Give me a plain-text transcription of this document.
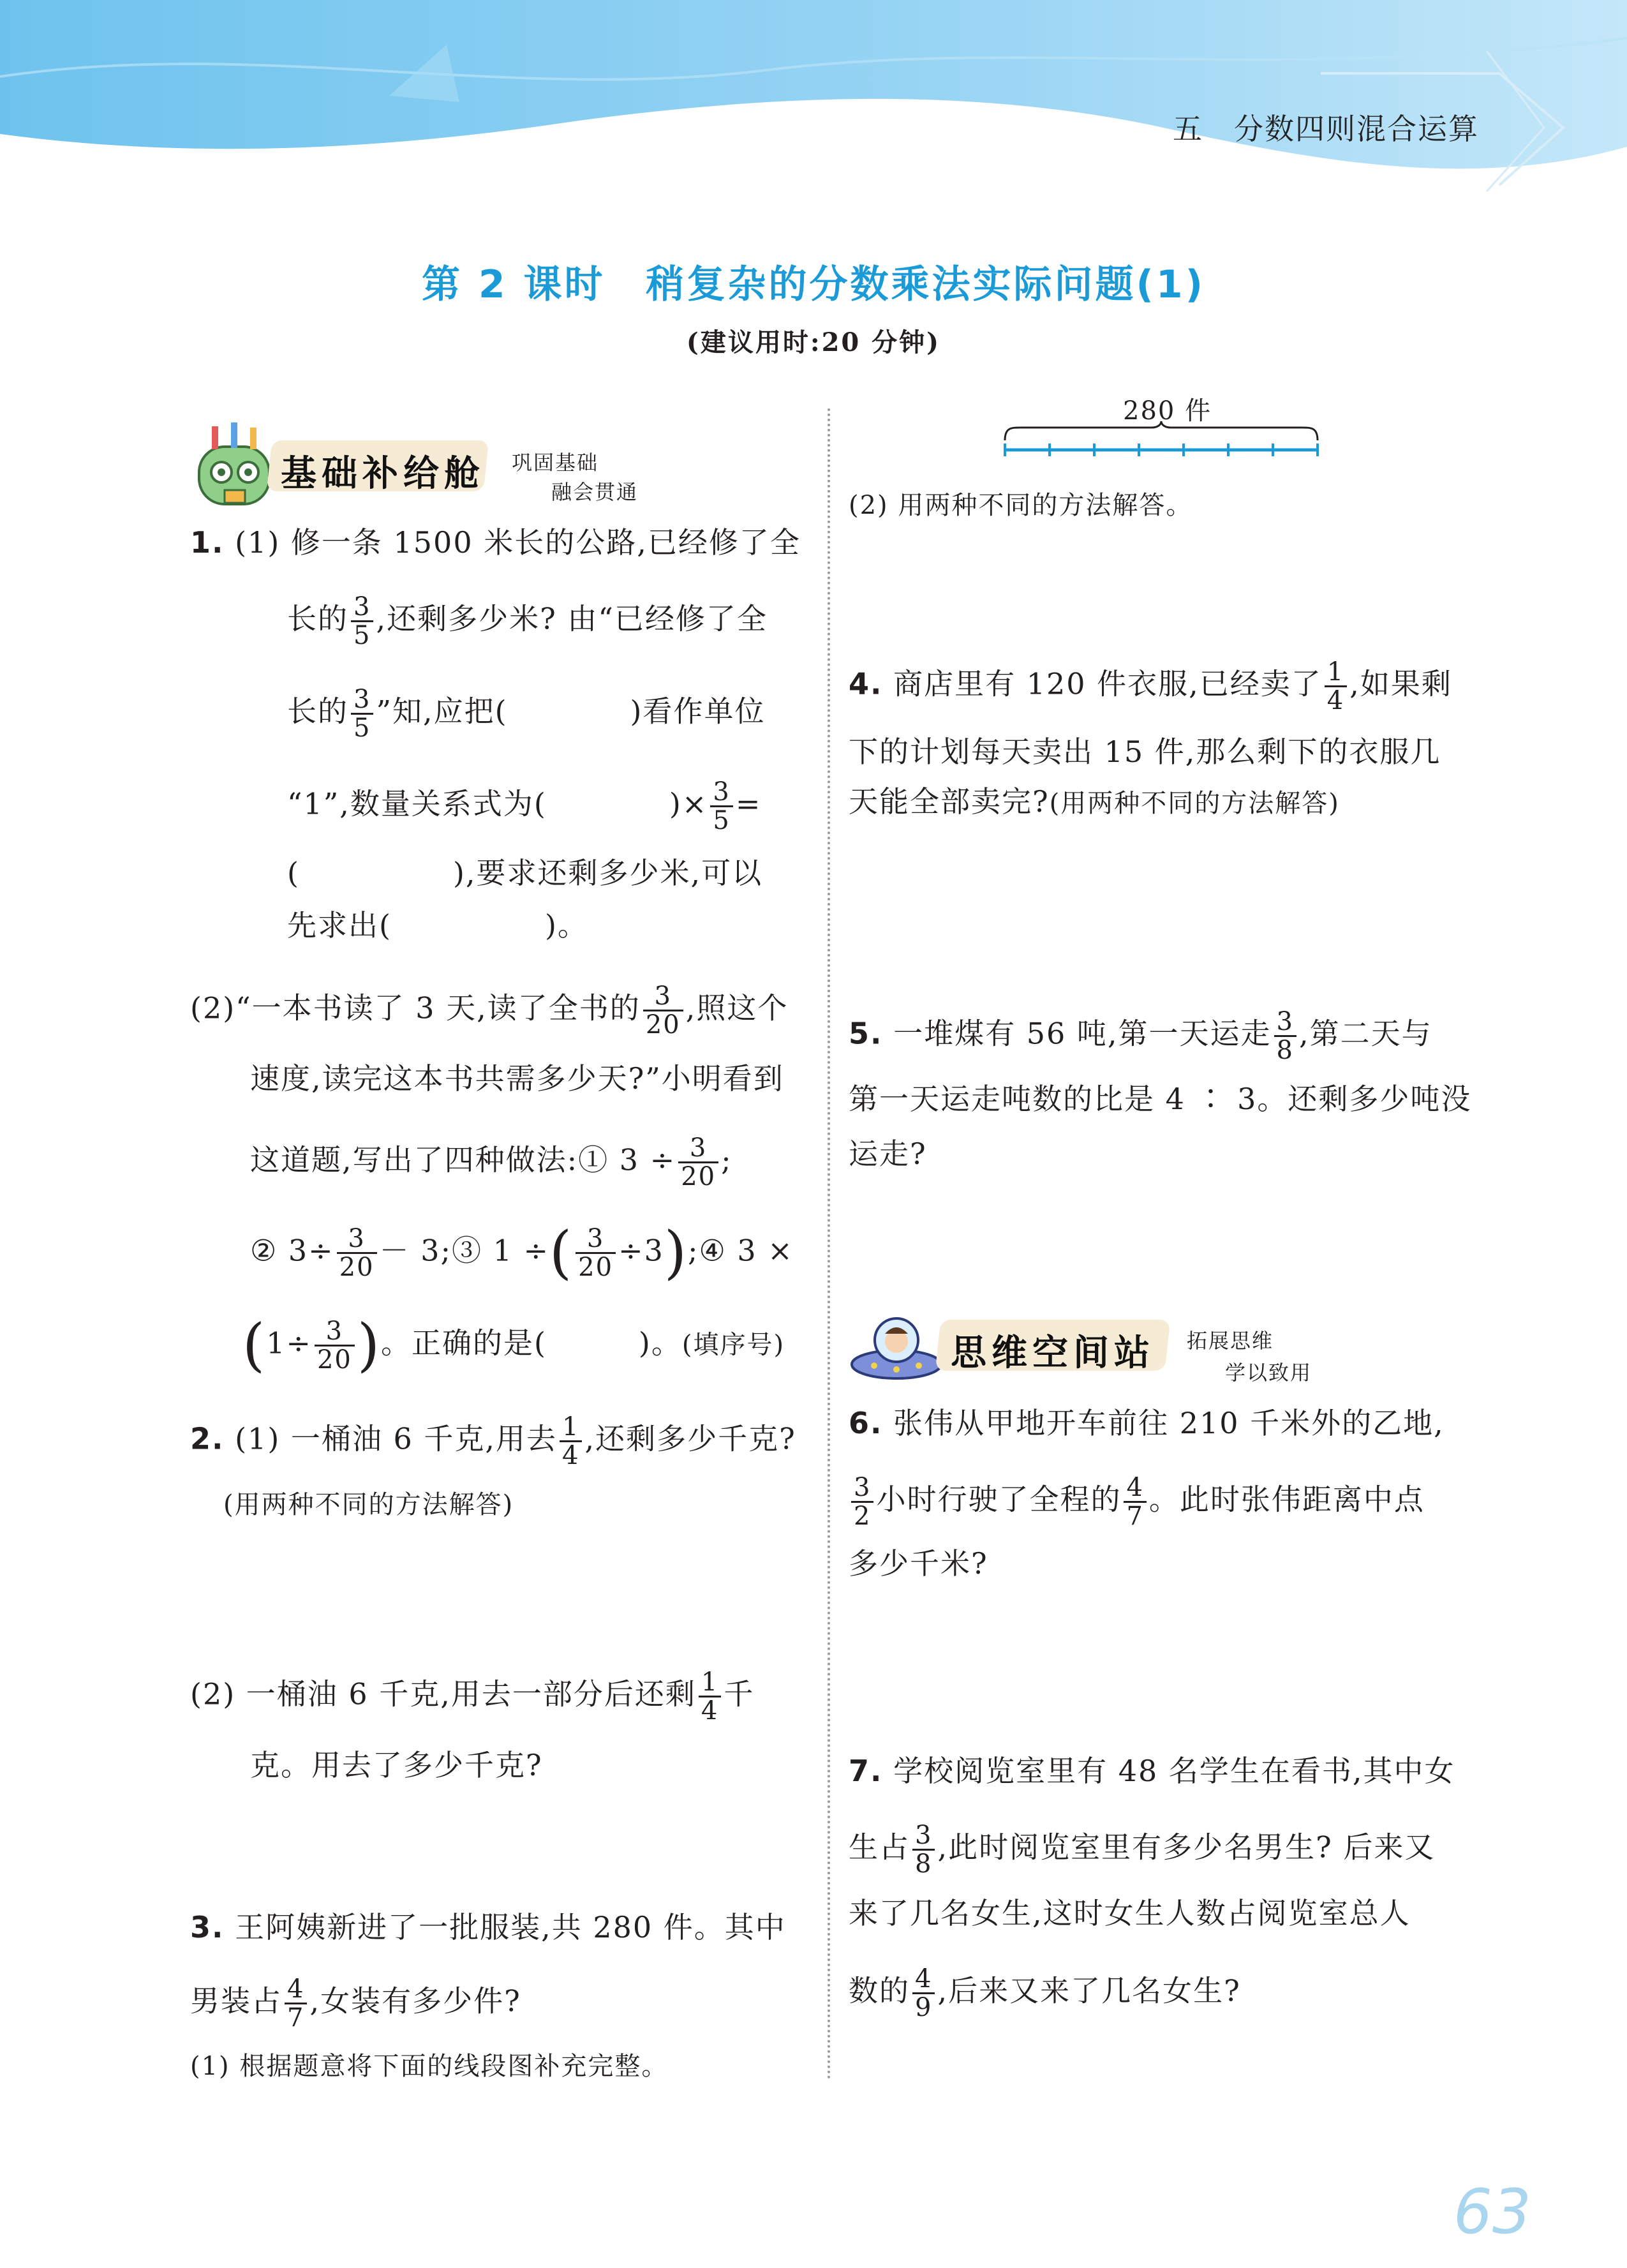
五　分数四则混合运算
第 2 课时　稍复杂的分数乘法实际问题(1)
(建议用时:20 分钟)
基础补给舱 巩固基础
融会贯通
1. (1) 修一条 1500 米长的公路,已经修了全
长的 $\frac{3}{5}$ ,还剩多少米? 由“已经修了全
长的 $\frac{3}{5}$ ”知,应把(　　　　)看作单位
“1”,数量关系式为(　　　　)× $\frac{3}{5}$ =
(　　　　　),要求还剩多少米,可以
先求出(　　　　　)。
(2)“一本书读了 3 天,读了全书的 $\frac{3}{20}$ ,照这个
速度,读完这本书共需多少天?”小明看到
这道题,写出了四种做法:① $3 \div \frac{3}{20}$ ;
② $3\div \frac{3}{20}$ － 3;③ 1 ÷( $\frac{3}{20}$ ÷3);④ 3 ×
($1\div \frac{3}{20}$ )。正确的是(　　　)。(填序号)
2. (1) 一桶油 6 千克,用去 $\frac{1}{4}$ ,还剩多少千克?
(用两种不同的方法解答)
(2) 一桶油 6 千克,用去一部分后还剩 $\frac{1}{4}$ 千
克。用去了多少千克?
3. 王阿姨新进了一批服装,共 280 件。其中
男装占 $\frac{4}{7}$ ,女装有多少件?
(1) 根据题意将下面的线段图补充完整。
280 件
(2) 用两种不同的方法解答。
4. 商店里有 120 件衣服,已经卖了 $\frac{1}{4}$ ,如果剩
下的计划每天卖出 15 件,那么剩下的衣服几
天能全部卖完?(用两种不同的方法解答)
5. 一堆煤有 56 吨,第一天运走 $\frac{3}{8}$ ,第二天与
第一天运走吨数的比是 4 ∶ 3。还剩多少吨没
运走?
思维空间站 拓展思维
学以致用
6. 张伟从甲地开车前往 210 千米外的乙地,
$\frac{3}{2}$ 小时行驶了全程的 $\frac{4}{7}$ 。此时张伟距离中点
多少千米?
7. 学校阅览室里有 48 名学生在看书,其中女
生占 $\frac{3}{8}$ ,此时阅览室里有多少名男生? 后来又
来了几名女生,这时女生人数占阅览室总人
数的 $\frac{4}{9}$ ,后来又来了几名女生?
63
